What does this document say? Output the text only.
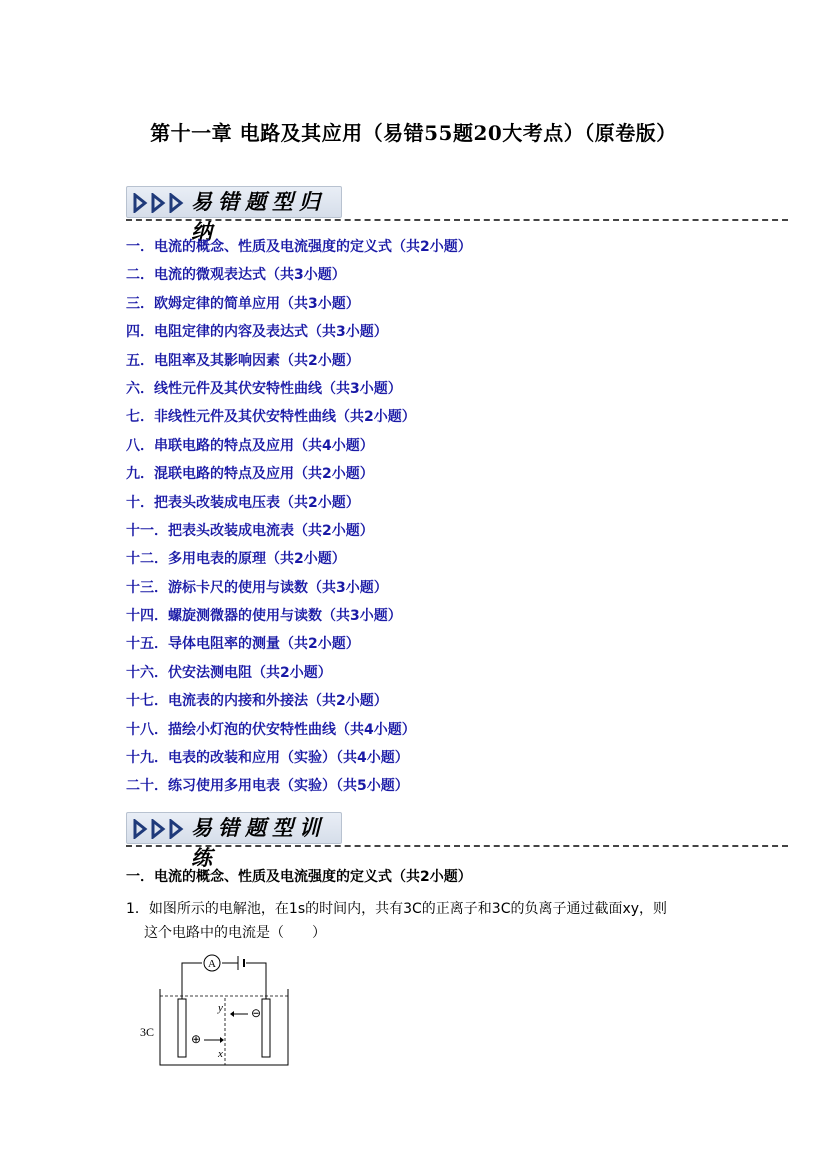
第十一章 电路及其应用（易错55题20大考点）（原卷版）
易错题型归纳
一．电流的概念、性质及电流强度的定义式（共2小题）
二．电流的微观表达式（共3小题）
三．欧姆定律的简单应用（共3小题）
四．电阻定律的内容及表达式（共3小题）
五．电阻率及其影响因素（共2小题）
六．线性元件及其伏安特性曲线（共3小题）
七．非线性元件及其伏安特性曲线（共2小题）
八．串联电路的特点及应用（共4小题）
九．混联电路的特点及应用（共2小题）
十．把表头改装成电压表（共2小题）
十一．把表头改装成电流表（共2小题）
十二．多用电表的原理（共2小题）
十三．游标卡尺的使用与读数（共3小题）
十四．螺旋测微器的使用与读数（共3小题）
十五．导体电阻率的测量（共2小题）
十六．伏安法测电阻（共2小题）
十七．电流表的内接和外接法（共2小题）
十八．描绘小灯泡的伏安特性曲线（共4小题）
十九．电表的改装和应用（实验）（共4小题）
二十．练习使用多用电表（实验）（共5小题）
易错题型训练
一．电流的概念、性质及电流强度的定义式（共2小题）
1．如图所示的电解池，在1s的时间内，共有3C的正离子和3C的负离子通过截面xy，则
这个电路中的电流是（　　）
A
y
x
⊕
⊖
3C
